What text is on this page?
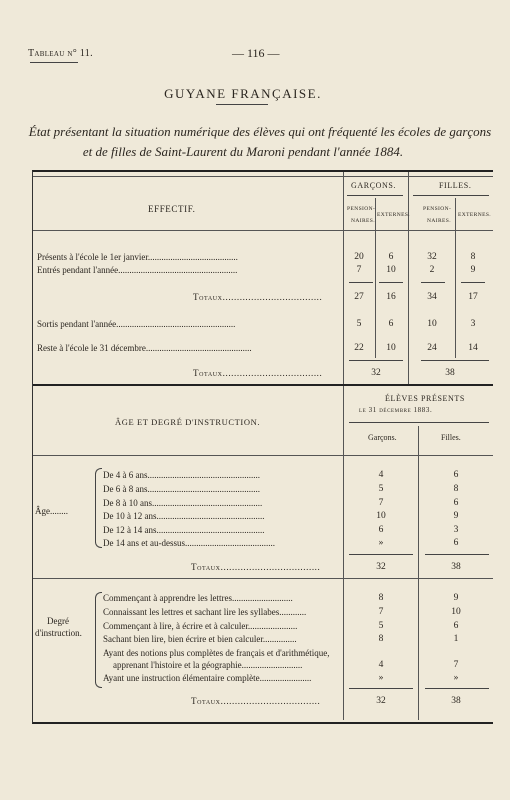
Tableau n° 11.	— 116 —
GUYANE FRANÇAISE.
État présentant la situation numérique des élèves qui ont fréquenté les écoles de garçons
et de filles de Saint-Laurent du Maroni pendant l'année 1884.
EFFECTIF.
GARÇONS.	FILLES.
PENSION-
NAIRES.
EXTERNES.
PENSION-
NAIRES.
EXTERNES.
Présents à l'école le 1er janvier........................................	20	6	32	8
Entrés pendant l'année.....................................................	7	10	2	9
Totaux...................................	27	16	34	17
Sortis pendant l'année.....................................................	5	6	10	3
Reste à l'école le 31 décembre...............................................	22	10	24	14
Totaux...................................	32	38
ÂGE ET DEGRÉ D'INSTRUCTION.
ÉLÈVES PRÉSENTS
le 31 décembre 1883.
Garçons.	Filles.
Âge........
De 4 à 6 ans..................................................	4	6
De 6 à 8 ans..................................................	5	8
De 8 à 10 ans.................................................	7	6
De 10 à 12 ans................................................	10	9
De 12 à 14 ans................................................	6	3
De 14 ans et au-dessus........................................	»	6
Totaux...................................	32	38
Degré
d'instruction.
Commençant à apprendre les lettres...........................	8	9
Connaissant les lettres et sachant lire les syllabes............	7	10
Commençant à lire, à écrire et à calculer......................	5	6
Sachant bien lire, bien écrire et bien calculer...............	8	1
Ayant des notions plus complètes de français et d'arithmétique,
apprenant l'histoire et la géographie...........................	4	7
Ayant une instruction élémentaire complète.......................	»	»
Totaux...................................	32	38
